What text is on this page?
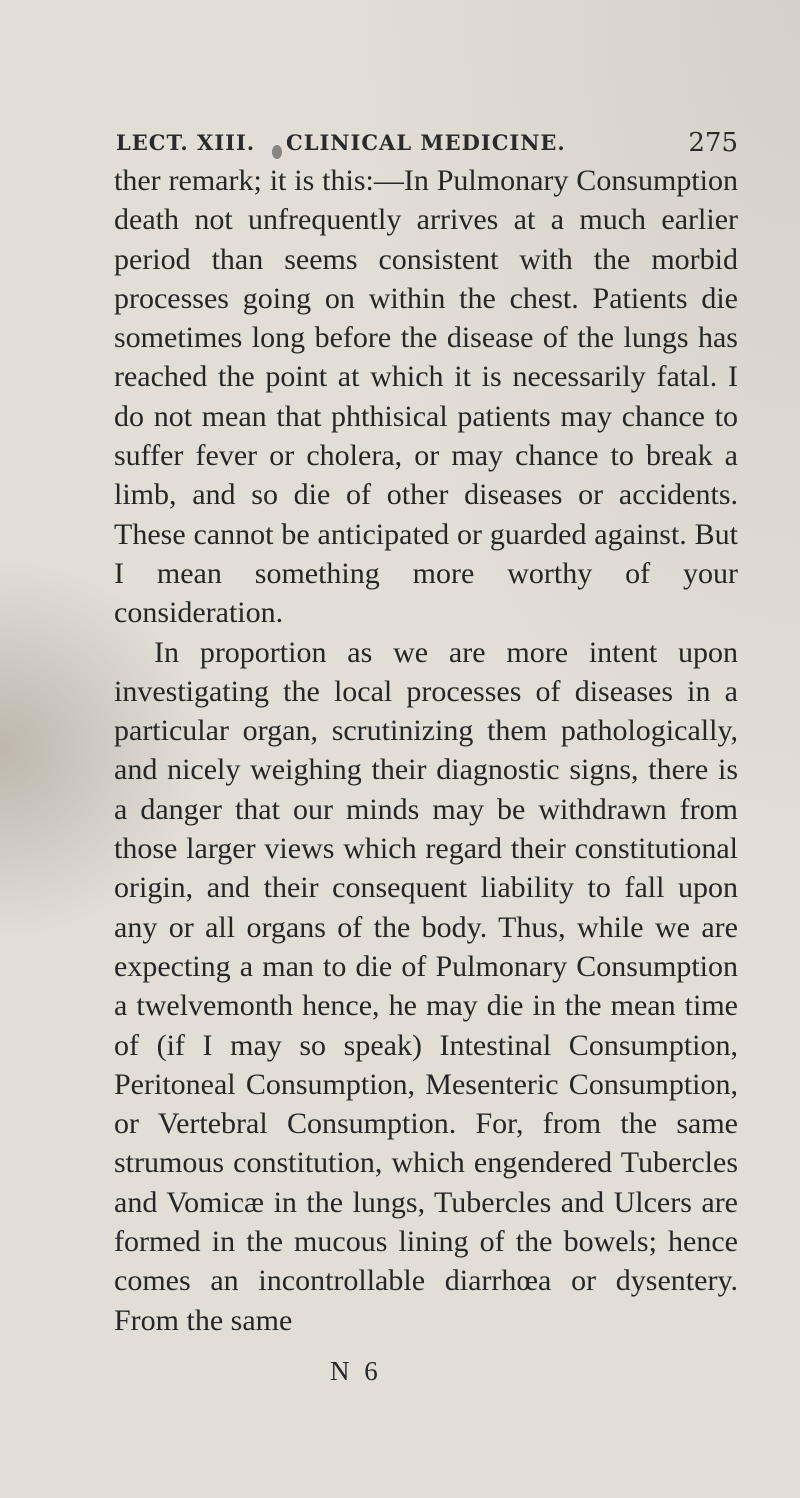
LECT. XIII. CLINICAL MEDICINE.	275

ther remark; it is this:—In Pulmonary Consumption death not unfrequently arrives at a much earlier period than seems consistent with the morbid processes going on within the chest. Patients die sometimes long before the disease of the lungs has reached the point at which it is necessarily fatal. I do not mean that phthisical patients may chance to suffer fever or cholera, or may chance to break a limb, and so die of other diseases or accidents. These cannot be anticipated or guarded against. But I mean something more worthy of your consideration.

In proportion as we are more intent upon investigating the local processes of diseases in a particular organ, scrutinizing them pathologically, and nicely weighing their diagnostic signs, there is a danger that our minds may be withdrawn from those larger views which regard their constitutional origin, and their consequent liability to fall upon any or all organs of the body. Thus, while we are expecting a man to die of Pulmonary Consumption a twelvemonth hence, he may die in the mean time of (if I may so speak) Intestinal Consumption, Peritoneal Consumption, Mesenteric Consumption, or Vertebral Consumption. For, from the same strumous constitution, which engendered Tubercles and Vomicæ in the lungs, Tubercles and Ulcers are formed in the mucous lining of the bowels; hence comes an incontrollable diarrhœa or dysentery. From the same

N 6
